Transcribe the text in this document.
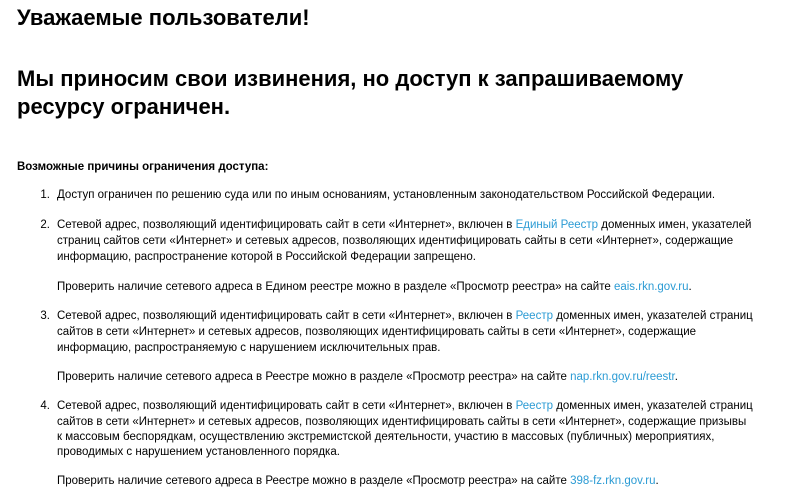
Уважаемые пользователи!
Мы приносим свои извинения, но доступ к запрашиваемому
ресурсу ограничен.

Возможные причины ограничения доступа:

1. Доступ ограничен по решению суда или по иным основаниям, установленным законодательством Российской Федерации.

2. Сетевой адрес, позволяющий идентифицировать сайт в сети «Интернет», включен в Единый Реестр доменных имен, указателей

страниц сайтов сети «Интернет» и сетевых адресов, позволяющих идентифицировать сайты в сети «Интернет», содержащие

информацию, распространение которой в Российской Федерации запрещено.

Проверить наличие сетевого адреса в Едином реестре можно в разделе «Просмотр реестра» на сайте eais.rkn.gov.ru.

3. Сетевой адрес, позволяющий идентифицировать сайт в сети «Интернет», включен в Реестр доменных имен, указателей страниц

сайтов в сети «Интернет» и сетевых адресов, позволяющих идентифицировать сайты в сети «Интернет», содержащие

информацию, распространяемую с нарушением исключительных прав.

Проверить наличие сетевого адреса в Реестре можно в разделе «Просмотр реестра» на сайте nap.rkn.gov.ru/reestr.

4. Сетевой адрес, позволяющий идентифицировать сайт в сети «Интернет», включен в Реестр доменных имен, указателей страниц

сайтов в сети «Интернет» и сетевых адресов, позволяющих идентифицировать сайты в сети «Интернет», содержащие призывы

к массовым беспорядкам, осуществлению экстремистской деятельности, участию в массовых (публичных) мероприятиях,

проводимых с нарушением установленного порядка.

Проверить наличие сетевого адреса в Реестре можно в разделе «Просмотр реестра» на сайте 398-fz.rkn.gov.ru.
